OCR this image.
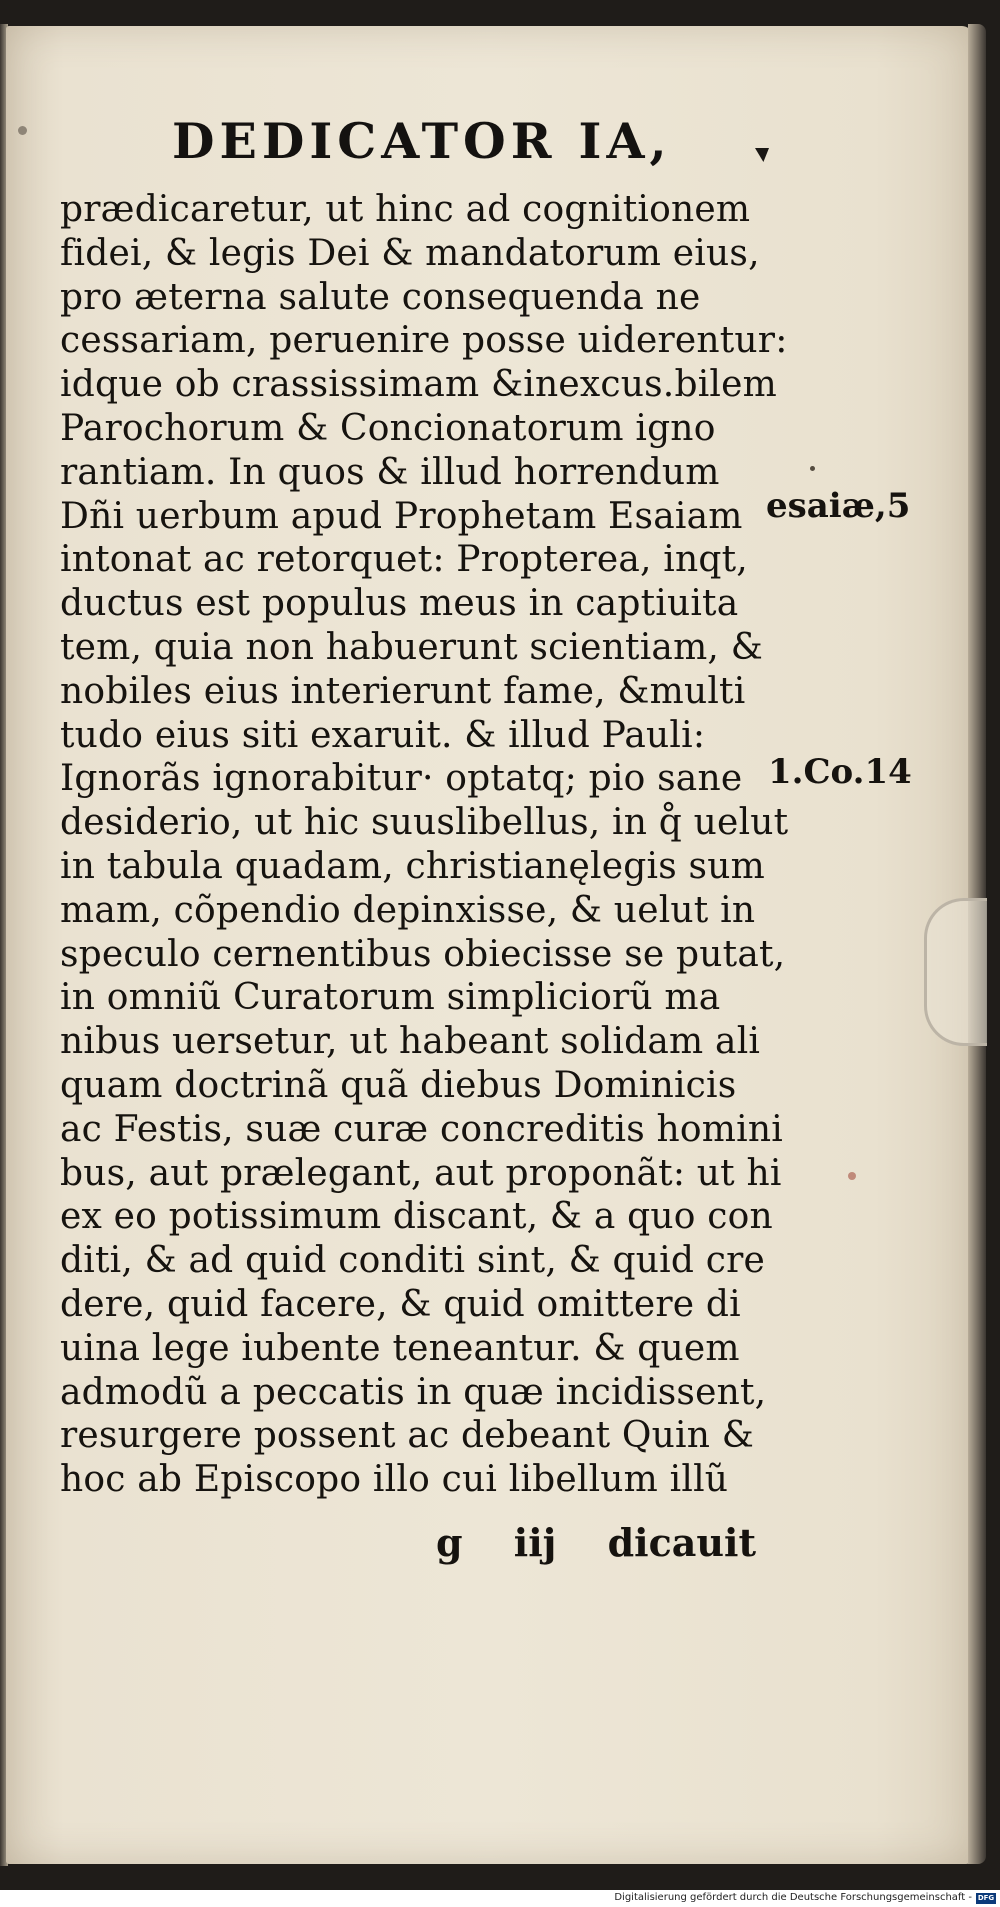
DEDICATOR IA,
prædicaretur, ut hinc ad cognitionem
fidei, & legis Dei & mandatorum eius,
pro æterna salute consequenda ne
cessariam, peruenire posse uiderentur:
idque ob crassissimam &inexcus.bilem
Parochorum & Concionatorum igno
rantiam. In quos & illud horrendum
Dñi uerbum apud Prophetam Esaiam
intonat ac retorquet: Propterea, inqt,
ductus est populus meus in captiuita
tem, quia non habuerunt scientiam, &
nobiles eius interierunt fame, &multi
tudo eius siti exaruit. & illud Pauli:
Ignorãs ignorabitur· optatq; pio sane
desiderio, ut hic suuslibellus, in q̊ uelut
in tabula quadam, christianęlegis sum
mam, cõpendio depinxisse, & uelut in
speculo cernentibus obiecisse se putat,
in omniũ Curatorum simpliciorũ ma
nibus uersetur, ut habeant solidam ali
quam doctrinã quã diebus Dominicis
ac Festis, suæ curæ concreditis homini
bus, aut prælegant, aut proponãt: ut hi
ex eo potissimum discant, & a quo con
diti, & ad quid conditi sint, & quid cre
dere, quid facere, & quid omittere di
uina lege iubente teneantur. & quem
admodũ a peccatis in quæ incidissent,
resurgere possent ac debeant Quin &
hoc ab Episcopo illo cui libellum illũ
g iij dicauit
esaiæ,5
1.Co.14
Digitalisierung gefördert durch die Deutsche Forschungsgemeinschaft - DFG
